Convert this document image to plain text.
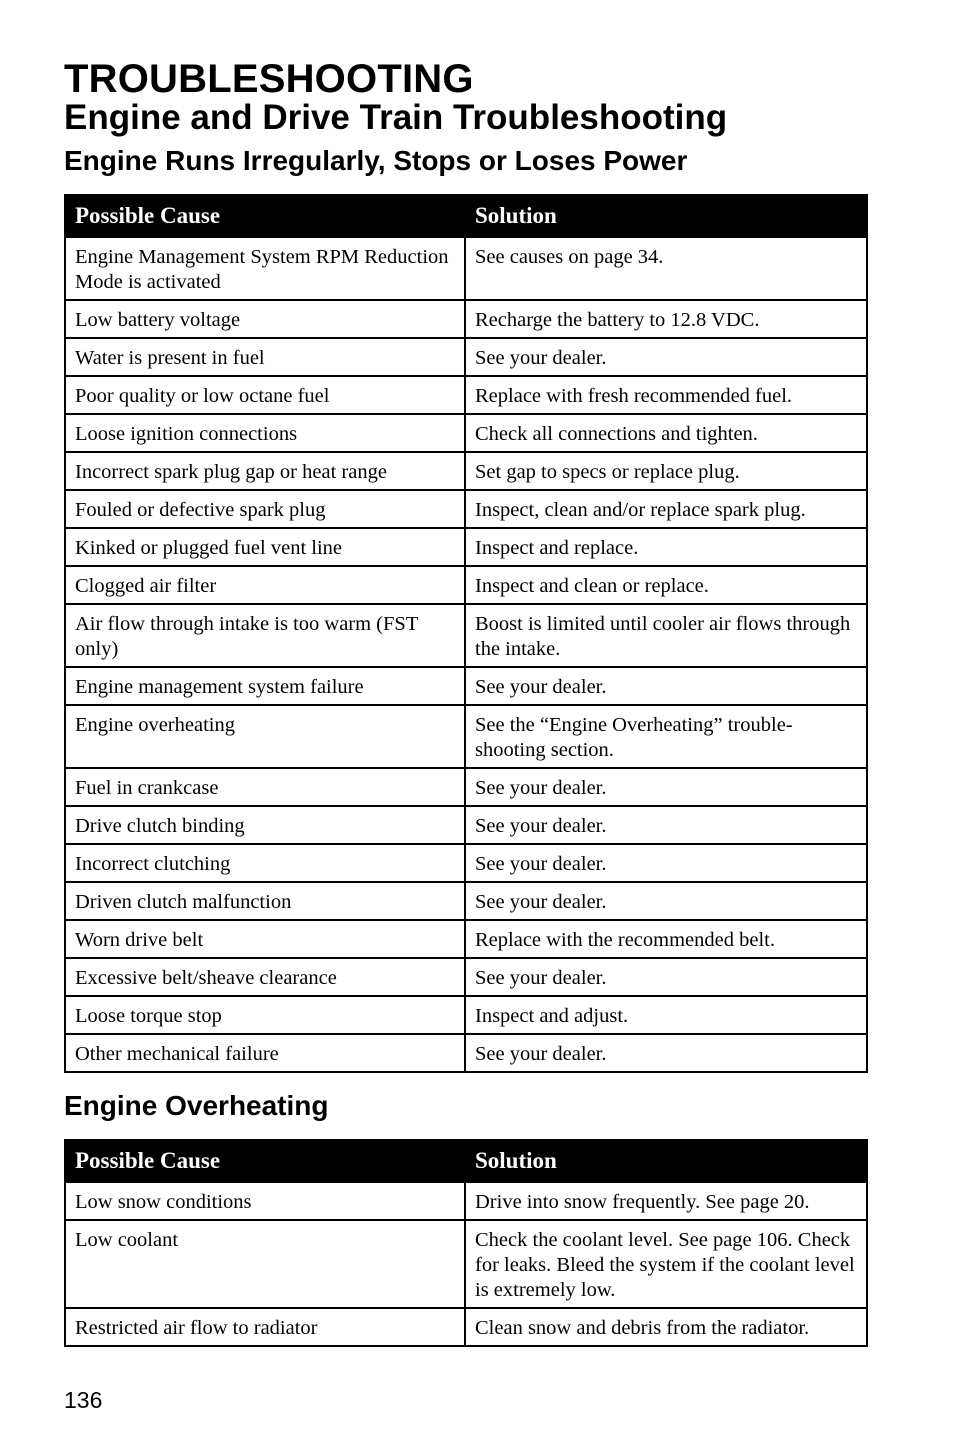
TROUBLESHOOTING
Engine and Drive Train Troubleshooting
Engine Runs Irregularly, Stops or Loses Power
Possible Cause	Solution
Engine Management System RPM Reduction Mode is activated	See causes on page 34.
Low battery voltage	Recharge the battery to 12.8 VDC.
Water is present in fuel	See your dealer.
Poor quality or low octane fuel	Replace with fresh recommended fuel.
Loose ignition connections	Check all connections and tighten.
Incorrect spark plug gap or heat range	Set gap to specs or replace plug.
Fouled or defective spark plug	Inspect, clean and/or replace spark plug.
Kinked or plugged fuel vent line	Inspect and replace.
Clogged air filter	Inspect and clean or replace.
Air flow through intake is too warm (FST only)	Boost is limited until cooler air flows through the intake.
Engine management system failure	See your dealer.
Engine overheating	See the “Engine Overheating” trouble-shooting section.
Fuel in crankcase	See your dealer.
Drive clutch binding	See your dealer.
Incorrect clutching	See your dealer.
Driven clutch malfunction	See your dealer.
Worn drive belt	Replace with the recommended belt.
Excessive belt/sheave clearance	See your dealer.
Loose torque stop	Inspect and adjust.
Other mechanical failure	See your dealer.
Engine Overheating
Possible Cause	Solution
Low snow conditions	Drive into snow frequently. See page 20.
Low coolant	Check the coolant level. See page 106. Check for leaks. Bleed the system if the coolant level is extremely low.
Restricted air flow to radiator	Clean snow and debris from the radiator.
136
